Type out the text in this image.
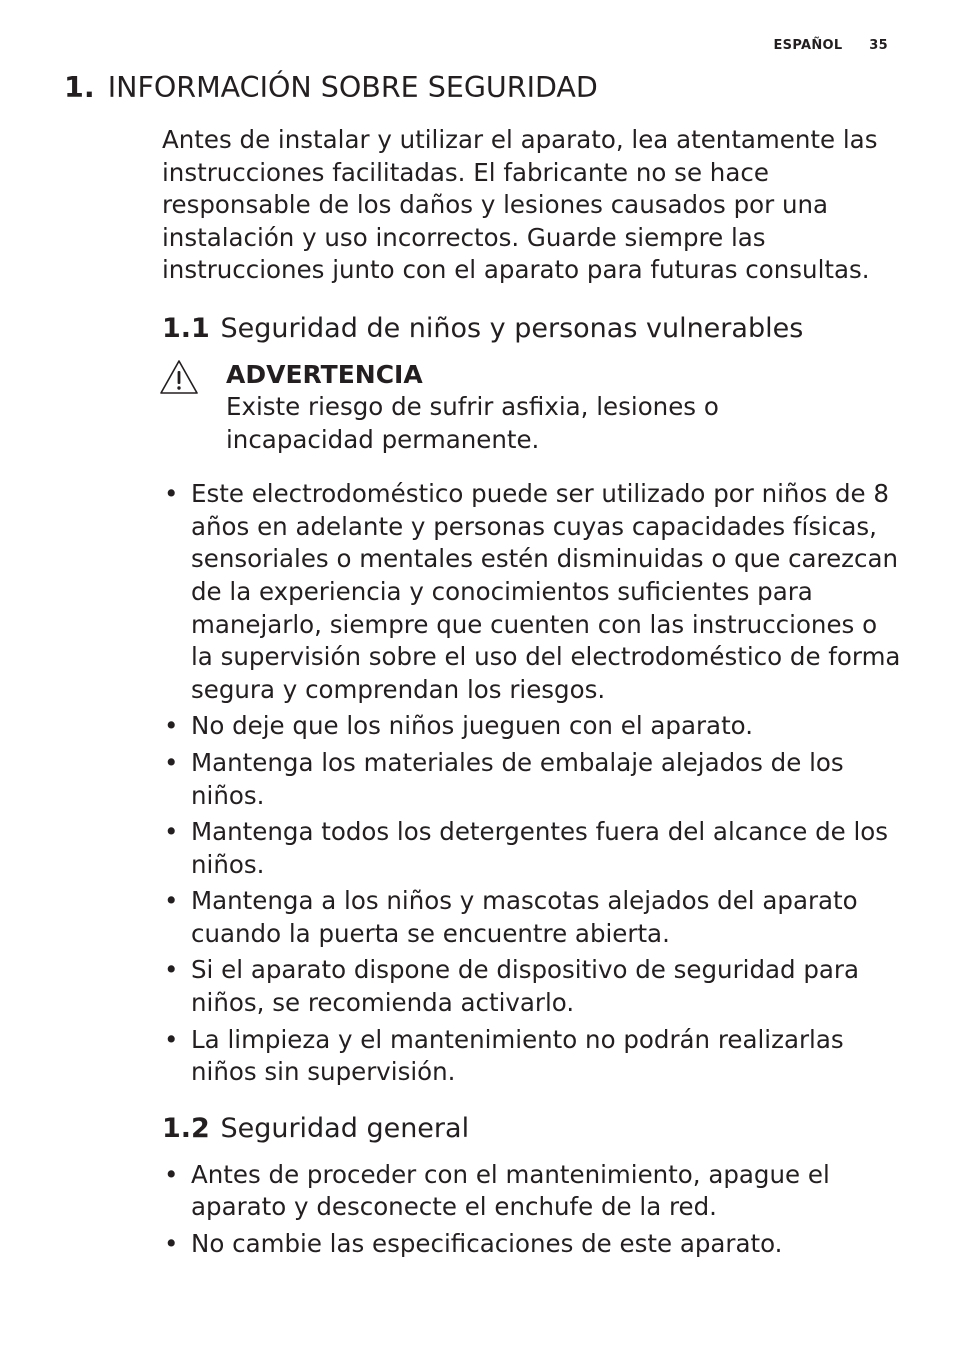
ESPAÑOL 35
1. INFORMACIÓN SOBRE SEGURIDAD

Antes de instalar y utilizar el aparato, lea atentamente las instrucciones facilitadas. El fabricante no se hace responsable de los daños y lesiones causados por una instalación y uso incorrectos. Guarde siempre las instrucciones junto con el aparato para futuras consultas.

1.1 Seguridad de niños y personas vulnerables
ADVERTENCIA

Existe riesgo de sufrir asfixia, lesiones o incapacidad permanente.

• Este electrodoméstico puede ser utilizado por niños de 8 años en adelante y personas cuyas capacidades físicas, sensoriales o mentales estén disminuidas o que carezcan de la experiencia y conocimientos suficientes para manejarlo, siempre que cuenten con las instrucciones o la supervisión sobre el uso del electrodoméstico de forma segura y comprendan los riesgos.
• No deje que los niños jueguen con el aparato.
• Mantenga los materiales de embalaje alejados de los niños.
• Mantenga todos los detergentes fuera del alcance de los niños.
• Mantenga a los niños y mascotas alejados del aparato cuando la puerta se encuentre abierta.
• Si el aparato dispone de dispositivo de seguridad para niños, se recomienda activarlo.
• La limpieza y el mantenimiento no podrán realizarlas niños sin supervisión.
1.2 Seguridad general
• Antes de proceder con el mantenimiento, apague el aparato y desconecte el enchufe de la red.
• No cambie las especificaciones de este aparato.
